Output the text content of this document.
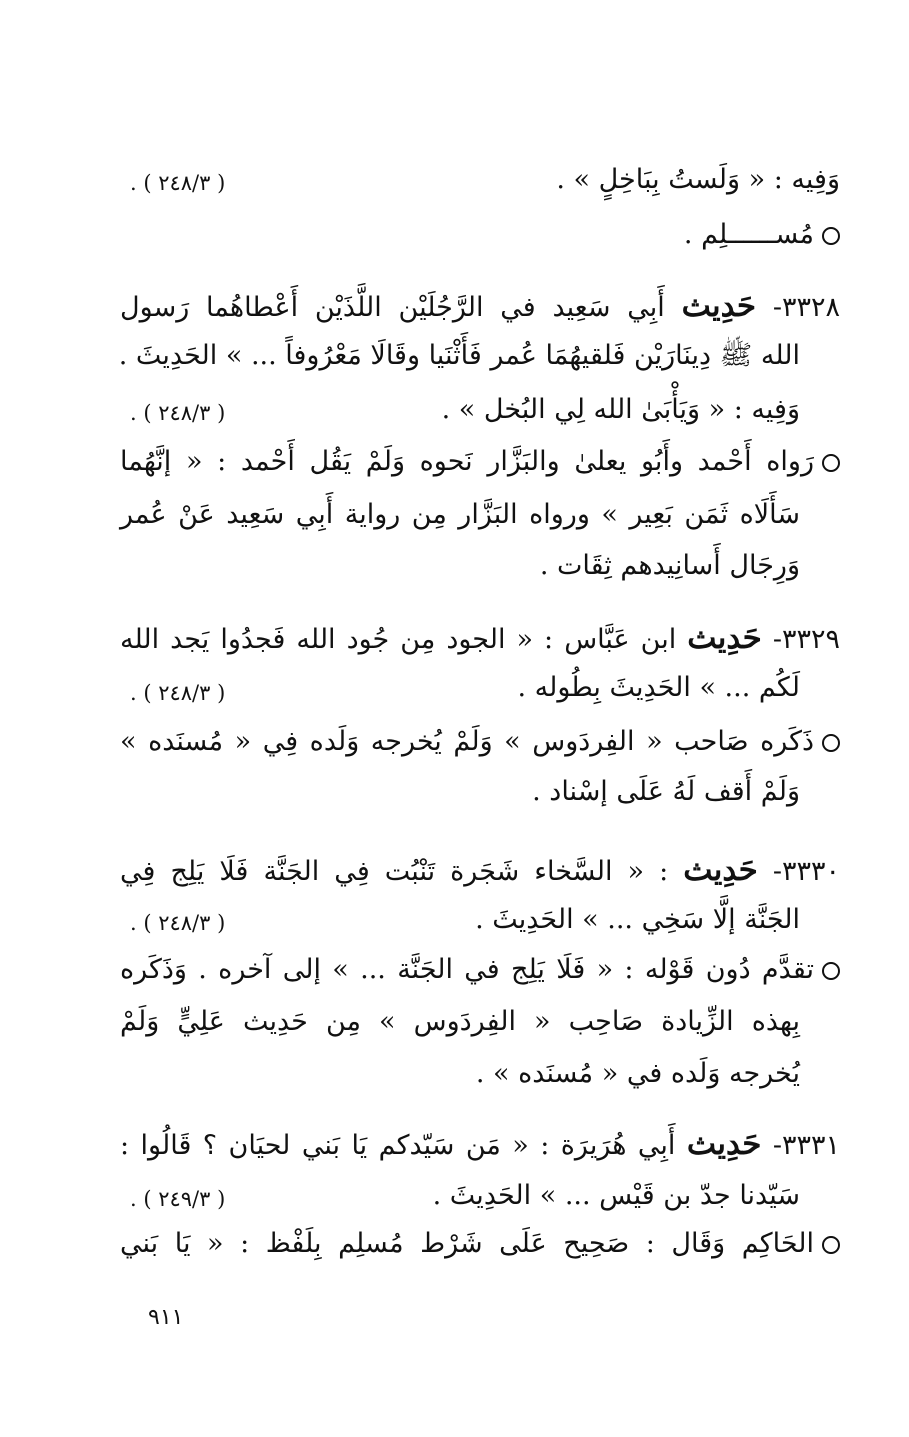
وَفِيه : « وَلَستُ بِبَاخِلٍ » .
. ( ٢٤٨/٣ )
مُســــــلِم .
٣٣٢٨- حَدِيث أَبِي سَعِيد في الرَّجُلَيْن اللَّذَيْن أَعْطاهُما رَسول
الله ﷺ دِينَارَيْن فَلقيهُمَا عُمر فَأَثْنَيا وقَالَا مَعْرُوفاً ... » الحَدِيثَ .
وَفِيه : « وَيَأْبَىٰ الله لِي البُخل » .
. ( ٢٤٨/٣ )
رَواه أَحْمد وأَبُو يعلىٰ والبَزَّار نَحوه وَلَمْ يَقُل أَحْمد : « إنَّهُما
سَأَلَاه ثَمَن بَعِير » ورواه البَزَّار مِن رواية أَبِي سَعِيد عَنْ عُمر
وَرِجَال أَسانِيدهم ثِقَات .
٣٣٢٩- حَدِيث ابن عَبَّاس : « الجود مِن جُود الله فَجدُوا يَجد الله
لَكُم ... » الحَدِيثَ بِطُوله .
. ( ٢٤٨/٣ )
ذَكَره صَاحب « الفِردَوس » وَلَمْ يُخرجه وَلَده فِي « مُسنَده »
وَلَمْ أَقف لَهُ عَلَى إسْناد .
٣٣٣٠- حَدِيث : « السَّخاء شَجَرة تَنْبُت فِي الجَنَّة فَلَا يَلِج فِي
الجَنَّة إلَّا سَخِي ... » الحَدِيثَ .
. ( ٢٤٨/٣ )
تقدَّم دُون قَوْله : « فَلَا يَلِج في الجَنَّة ... » إلى آخره . وَذَكَره
بِهذه الزِّيادة صَاحِب « الفِردَوس » مِن حَدِيث عَلِيٍّ وَلَمْ
يُخرجه وَلَده في « مُسنَده » .
٣٣٣١- حَدِيث أَبِي هُرَيرَة : « مَن سَيّدكم يَا بَني لحيَان ؟ قَالُوا :
سَيّدنا جدّ بن قَيْس ... » الحَدِيثَ .
. ( ٢٤٩/٣ )
الحَاكِم وَقَال : صَحِيح عَلَى شَرْط مُسلِم بِلَفْظ : « يَا بَني
٩١١
